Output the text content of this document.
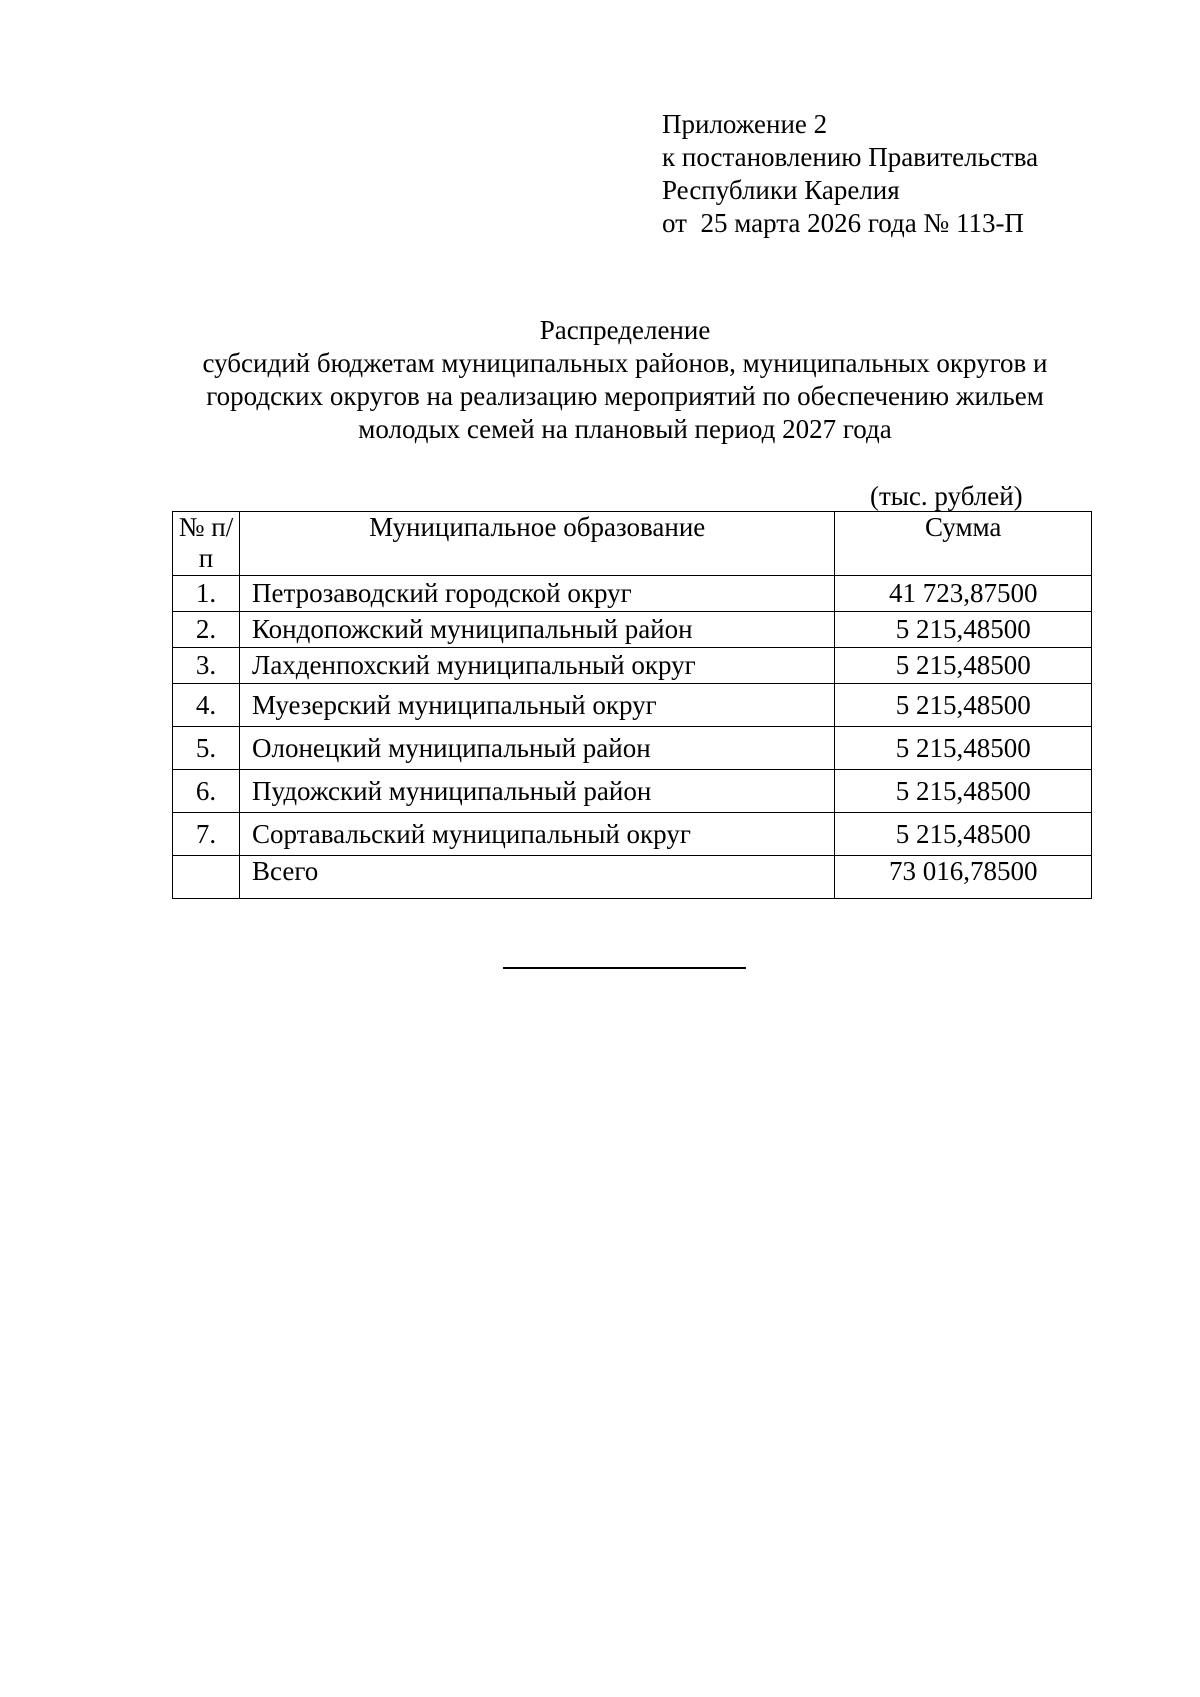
Приложение 2
к постановлению Правительства
Республики Карелия
от  25 марта 2026 года № 113-П
Распределение
субсидий бюджетам муниципальных районов, муниципальных округов и
городских округов на реализацию мероприятий по обеспечению жильем
молодых семей на плановый период 2027 года
(тыс. рублей)
№ п/п	Муниципальное образование	Сумма
1.	Петрозаводский городской округ	41 723,87500
2.	Кондопожский муниципальный район	5 215,48500
3.	Лахденпохский муниципальный округ	5 215,48500
4.	Муезерский муниципальный округ	5 215,48500
5.	Олонецкий муниципальный район	5 215,48500
6.	Пудожский муниципальный район	5 215,48500
7.	Сортавальский муниципальный округ	5 215,48500
	Всего	73 016,78500
